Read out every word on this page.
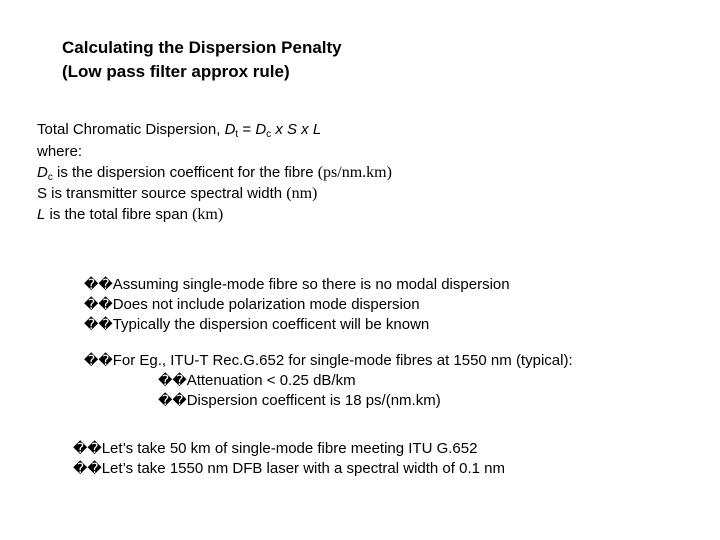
Calculating the Dispersion Penalty
(Low pass filter approx rule)
Total Chromatic Dispersion, $D_t = D_c$ x S x L
where:
$D_c$ is the dispersion coefficent for the fibre (ps/nm.km)
S is transmitter source spectral width (nm)
L is the total fibre span (km)
��Assuming single-mode fibre so there is no modal dispersion
��Does not include polarization mode dispersion
��Typically the dispersion coefficent will be known
��For Eg., ITU-T Rec.G.652 for single-mode fibres at 1550 nm (typical):
��Attenuation < 0.25 dB/km
��Dispersion coefficent is 18 ps/(nm.km)
��Let’s take 50 km of single-mode fibre meeting ITU G.652
��Let’s take 1550 nm DFB laser with a spectral width of 0.1 nm
